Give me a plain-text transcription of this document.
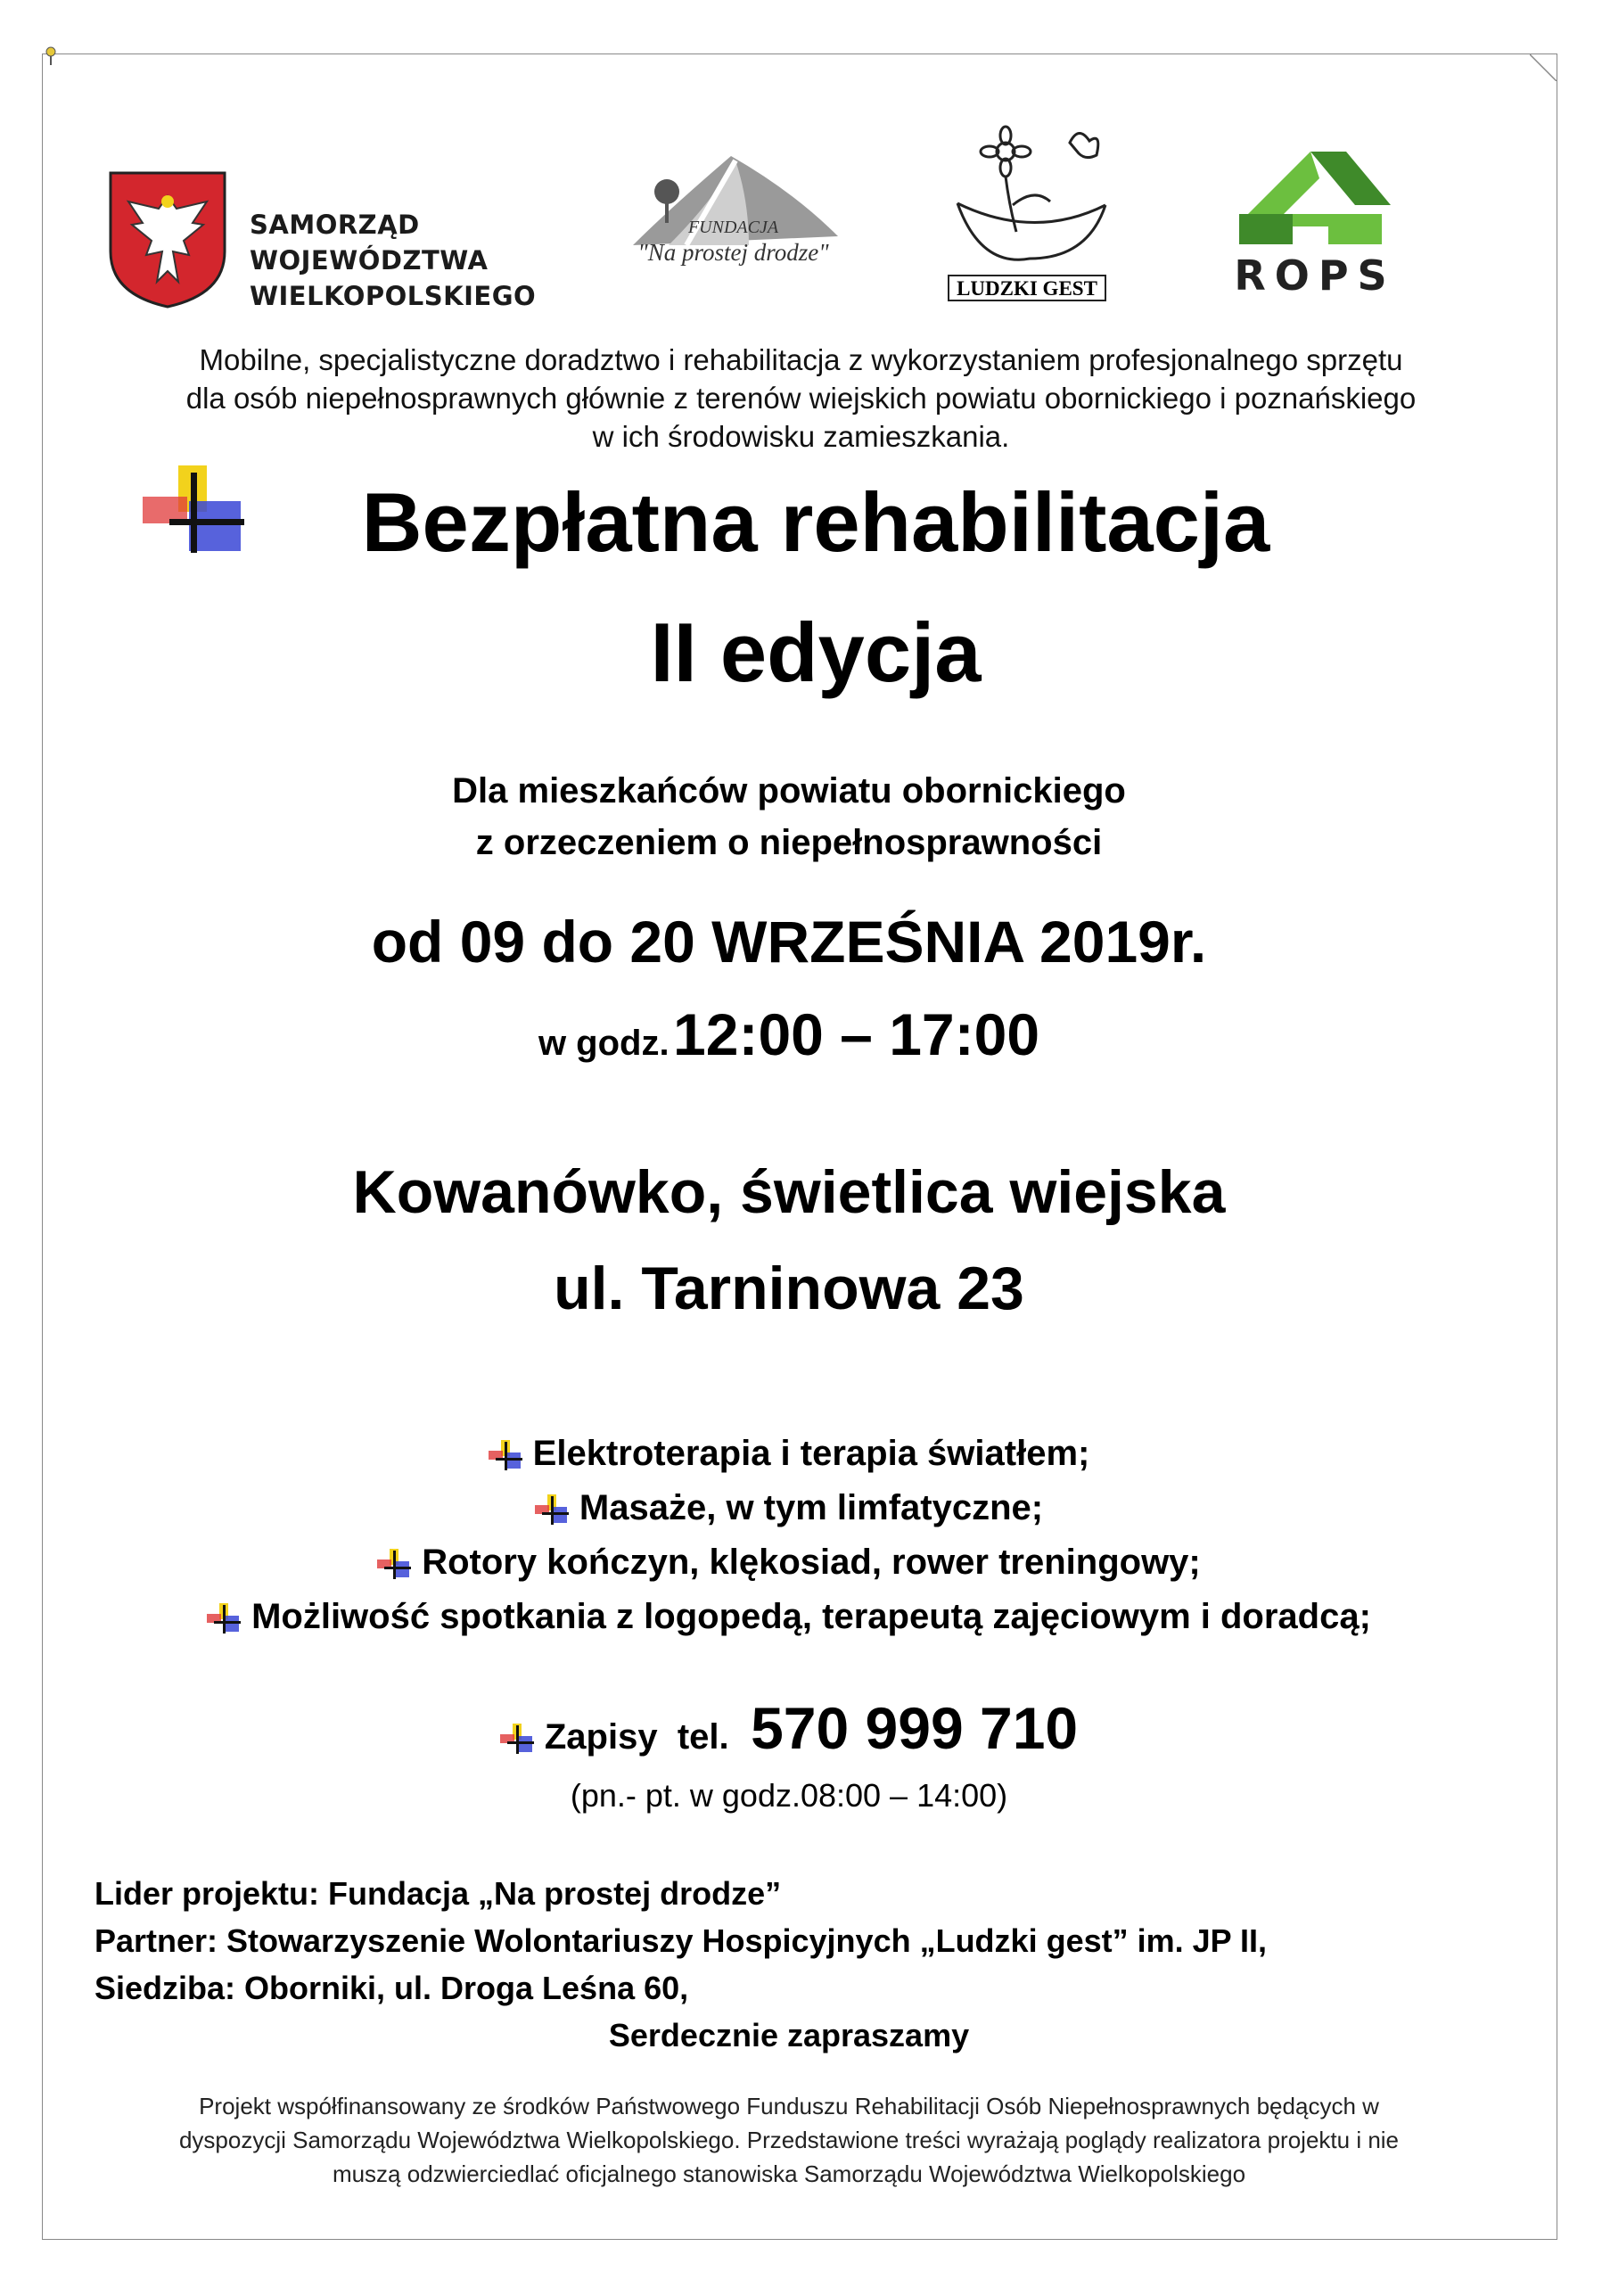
SAMORZĄD WOJEWÓDZTWA
WIELKOPOLSKIEGO
FUNDACJA
"Na prostej drodze"
LUDZKI GEST	ROPS
Mobilne, specjalistyczne doradztwo i rehabilitacja z wykorzystaniem profesjonalnego sprzętu
dla osób niepełnosprawnych głównie z terenów wiejskich powiatu obornickiego i poznańskiego
w ich środowisku zamieszkania.
Bezpłatna rehabilitacja
II edycja
Dla mieszkańców powiatu obornickiego
z orzeczeniem o niepełnosprawności
od 09 do 20 WRZEŚNIA 2019r.
w godz. 12:00 – 17:00
Kowanówko, świetlica wiejska
ul. Tarninowa 23
Elektroterapia i terapia światłem;
Masaże, w tym limfatyczne;
Rotory kończyn, klękosiad, rower treningowy;
Możliwość spotkania z logopedą, terapeutą zajęciowym i doradcą;
Zapisy  tel. 570 999 710
(pn.- pt. w godz.08:00 – 14:00)
Lider projektu: Fundacja „Na prostej drodze”
Partner: Stowarzyszenie Wolontariuszy Hospicyjnych „Ludzki gest” im. JP II,
Siedziba: Oborniki, ul. Droga Leśna 60,
Serdecznie zapraszamy
Projekt współfinansowany ze środków Państwowego Funduszu Rehabilitacji Osób Niepełnosprawnych będących w
dyspozycji Samorządu Województwa Wielkopolskiego. Przedstawione treści wyrażają poglądy realizatora projektu i nie
muszą odzwierciedlać oficjalnego stanowiska Samorządu Województwa Wielkopolskiego
